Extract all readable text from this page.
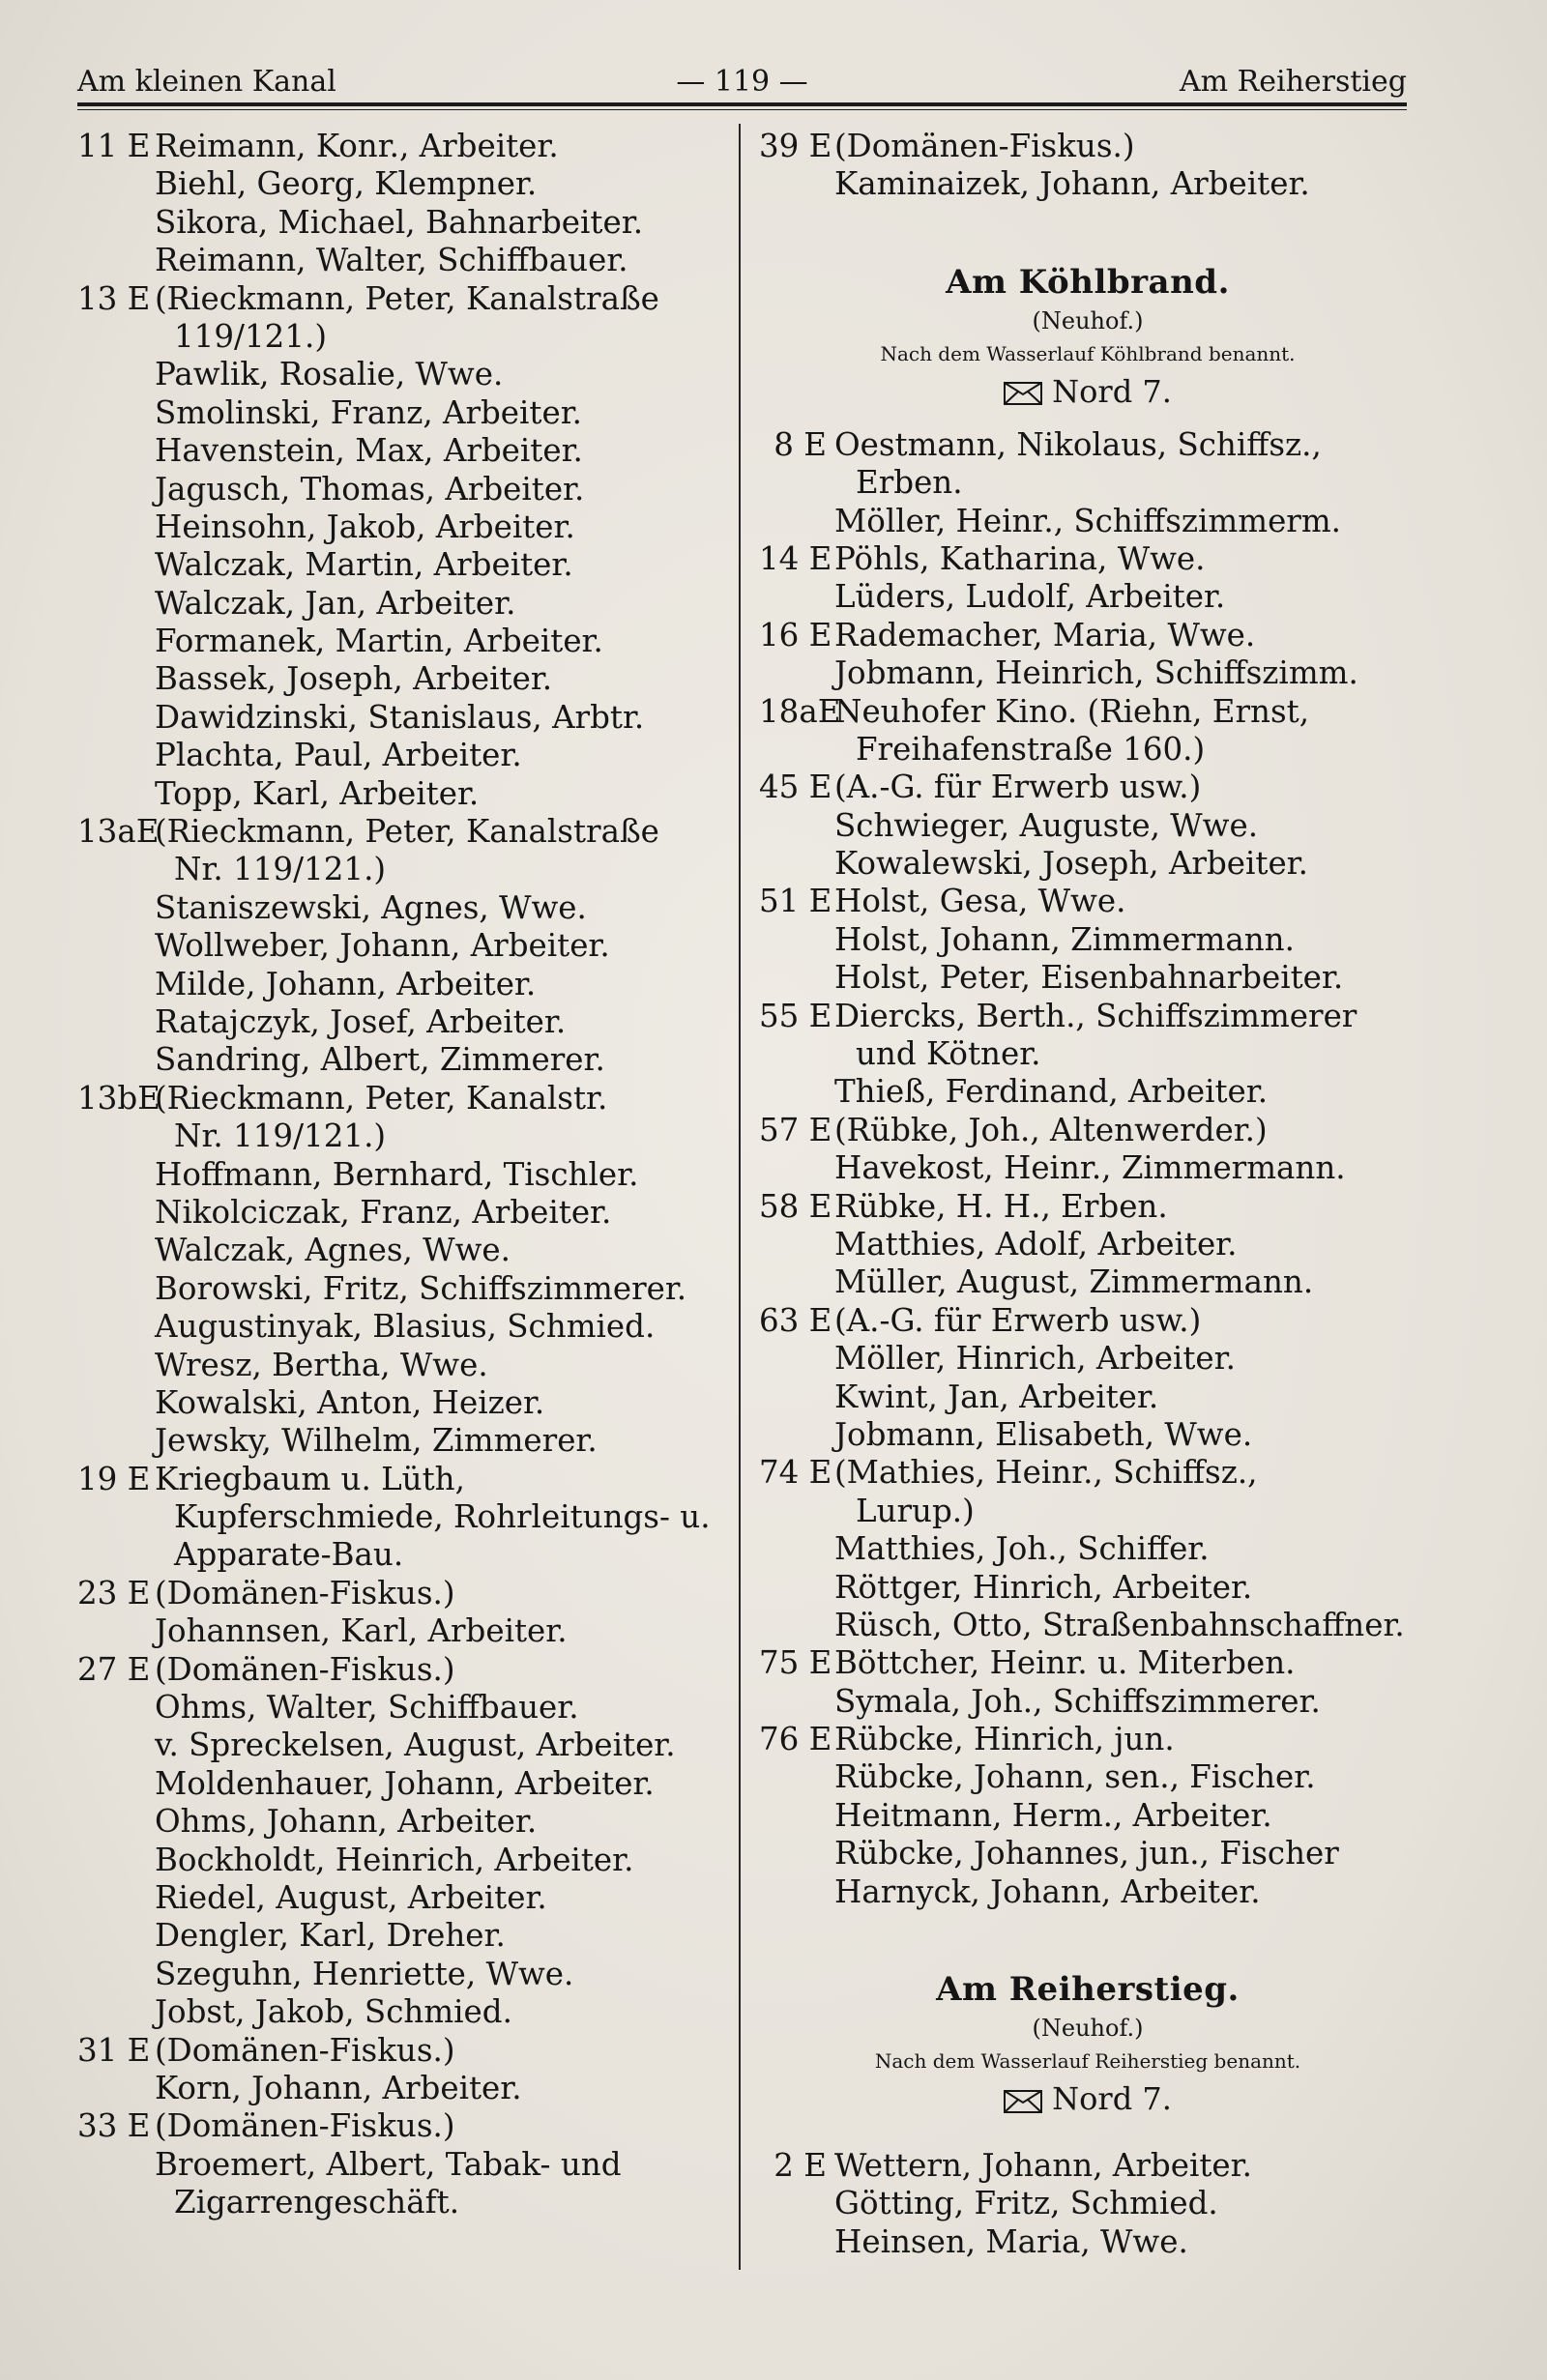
Am kleinen Kanal	— 119 —	Am Reiherstieg
11 E Reimann, Konr., Arbeiter.
Biehl, Georg, Klempner.
Sikora, Michael, Bahnarbeiter.
Reimann, Walter, Schiffbauer.
13 E (Rieckmann, Peter, Kanalstraße
119/121.)
Pawlik, Rosalie, Wwe.
Smolinski, Franz, Arbeiter.
Havenstein, Max, Arbeiter.
Jagusch, Thomas, Arbeiter.
Heinsohn, Jakob, Arbeiter.
Walczak, Martin, Arbeiter.
Walczak, Jan, Arbeiter.
Formanek, Martin, Arbeiter.
Bassek, Joseph, Arbeiter.
Dawidzinski, Stanislaus, Arbtr.
Plachta, Paul, Arbeiter.
Topp, Karl, Arbeiter.
13aE
(Rieckmann, Peter, Kanalstraße
Nr. 119/121.)
Staniszewski, Agnes, Wwe.
Wollweber, Johann, Arbeiter.
Milde, Johann, Arbeiter.
Ratajczyk, Josef, Arbeiter.
Sandring, Albert, Zimmerer.
13bE
(Rieckmann, Peter, Kanalstr.
Nr. 119/121.)
Hoffmann, Bernhard, Tischler.
Nikolciczak, Franz, Arbeiter.
Walczak, Agnes, Wwe.
Borowski, Fritz, Schiffszimmerer.
Augustinyak, Blasius, Schmied.
Wresz, Bertha, Wwe.
Kowalski, Anton, Heizer.
Jewsky, Wilhelm, Zimmerer.
19 E Kriegbaum u. Lüth,
Kupferschmiede, Rohrleitungs- u.
Apparate-Bau.
23 E (Domänen-Fiskus.)
Johannsen, Karl, Arbeiter.
27 E (Domänen-Fiskus.)
Ohms, Walter, Schiffbauer.
v. Spreckelsen, August, Arbeiter.
Moldenhauer, Johann, Arbeiter.
Ohms, Johann, Arbeiter.
Bockholdt, Heinrich, Arbeiter.
Riedel, August, Arbeiter.
Dengler, Karl, Dreher.
Szeguhn, Henriette, Wwe.
Jobst, Jakob, Schmied.
31 E (Domänen-Fiskus.)
Korn, Johann, Arbeiter.
33 E (Domänen-Fiskus.)
Broemert, Albert, Tabak- und
Zigarrengeschäft.
39 E (Domänen-Fiskus.)
Kaminaizek, Johann, Arbeiter.
Am Köhlbrand.
(Neuhof.)
Nach dem Wasserlauf Köhlbrand benannt.
Nord 7.
8 E Oestmann, Nikolaus, Schiffsz.,
Erben.
Möller, Heinr., Schiffszimmerm.
14 E Pöhls, Katharina, Wwe.
Lüders, Ludolf, Arbeiter.
16 E Rademacher, Maria, Wwe.
Jobmann, Heinrich, Schiffszimm.
18aE
Neuhofer Kino. (Riehn, Ernst,
Freihafenstraße 160.)
45 E (A.-G. für Erwerb usw.)
Schwieger, Auguste, Wwe.
Kowalewski, Joseph, Arbeiter.
51 E Holst, Gesa, Wwe.
Holst, Johann, Zimmermann.
Holst, Peter, Eisenbahnarbeiter.
55 E Diercks, Berth., Schiffszimmerer
und Kötner.
Thieß, Ferdinand, Arbeiter.
57 E (Rübke, Joh., Altenwerder.)
Havekost, Heinr., Zimmermann.
58 E Rübke, H. H., Erben.
Matthies, Adolf, Arbeiter.
Müller, August, Zimmermann.
63 E (A.-G. für Erwerb usw.)
Möller, Hinrich, Arbeiter.
Kwint, Jan, Arbeiter.
Jobmann, Elisabeth, Wwe.
74 E (Mathies, Heinr., Schiffsz.,
Lurup.)
Matthies, Joh., Schiffer.
Röttger, Hinrich, Arbeiter.
Rüsch, Otto, Straßenbahnschaffner.
75 E Böttcher, Heinr. u. Miterben.
Symala, Joh., Schiffszimmerer.
76 E Rübcke, Hinrich, jun.
Rübcke, Johann, sen., Fischer.
Heitmann, Herm., Arbeiter.
Rübcke, Johannes, jun., Fischer
Harnyck, Johann, Arbeiter.
Am Reiherstieg.
(Neuhof.)
Nach dem Wasserlauf Reiherstieg benannt.
Nord 7.
2 E Wettern, Johann, Arbeiter.
Götting, Fritz, Schmied.
Heinsen, Maria, Wwe.
